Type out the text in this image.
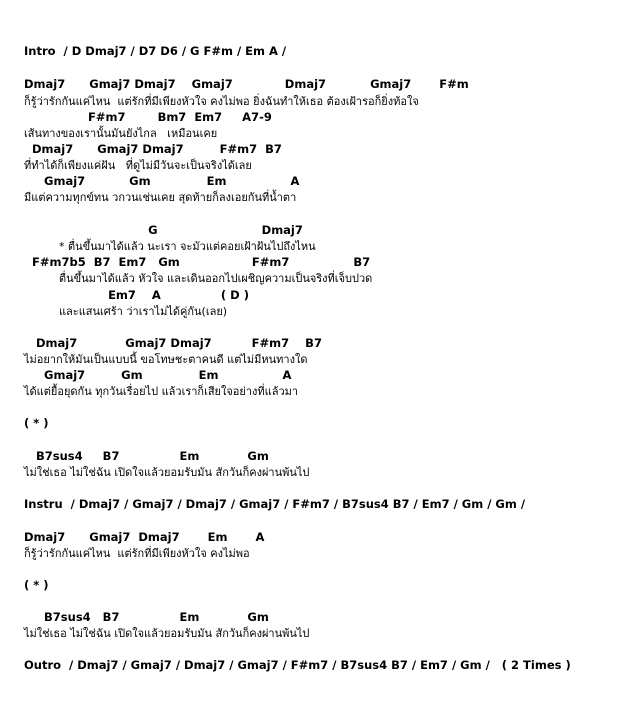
Intro  / D Dmaj7 / D7 D6 / G F#m / Em A /
Dmaj7      Gmaj7 Dmaj7    Gmaj7             Dmaj7           Gmaj7       F#m
ก็รู้ว่ารักกันแค่ไหน  แต่รักที่มีเพียงหัวใจ คงไม่พอ ยิ่งฉันทำให้เธอ ต้องเฝ้ารอก็ยิ่งท้อใจ
F#m7        Bm7  Em7     A7-9
เส้นทางของเรานั้นมันยังไกล   เหมือนเคย
Dmaj7      Gmaj7 Dmaj7         F#m7  B7
ที่ทำได้ก็เพียงแค่ฝัน   ที่ดูไม่มีวันจะเป็นจริงได้เลย
Gmaj7           Gm              Em                A
มีแต่ความทุกข์ทน วกวนเช่นเคย สุดท้ายก็ลงเอยกันที่น้ำตา
G                          Dmaj7
* ตื่นขึ้นมาได้แล้ว นะเรา จะมัวแต่คอยเฝ้าฝันไปถึงไหน
F#m7b5  B7  Em7   Gm                  F#m7                B7
ตื่นขึ้นมาได้แล้ว หัวใจ และเดินออกไปเผชิญความเป็นจริงที่เจ็บปวด
Em7    A               ( D )
และแสนเศร้า ว่าเราไม่ได้คู่กัน(เลย)
Dmaj7            Gmaj7 Dmaj7          F#m7    B7
ไม่อยากให้มันเป็นแบบนี้ ขอโทษชะตาคนดี แต่ไม่มีหนทางใด
Gmaj7         Gm              Em                A
ได้แต่ยื้อยุดกัน ทุกวันเรื่อยไป แล้วเราก็เสียใจอย่างที่แล้วมา
( * )
B7sus4     B7               Em            Gm
ไม่ใช่เธอ ไม่ใช่ฉัน เปิดใจแล้วยอมรับมัน สักวันก็คงผ่านพ้นไป
Instru  / Dmaj7 / Gmaj7 / Dmaj7 / Gmaj7 / F#m7 / B7sus4 B7 / Em7 / Gm / Gm /
Dmaj7      Gmaj7  Dmaj7       Em       A
ก็รู้ว่ารักกันแค่ไหน  แต่รักที่มีเพียงหัวใจ คงไม่พอ
( * )
B7sus4   B7               Em            Gm
ไม่ใช่เธอ ไม่ใช่ฉัน เปิดใจแล้วยอมรับมัน สักวันก็คงผ่านพ้นไป
Outro  / Dmaj7 / Gmaj7 / Dmaj7 / Gmaj7 / F#m7 / B7sus4 B7 / Em7 / Gm /   ( 2 Times )
